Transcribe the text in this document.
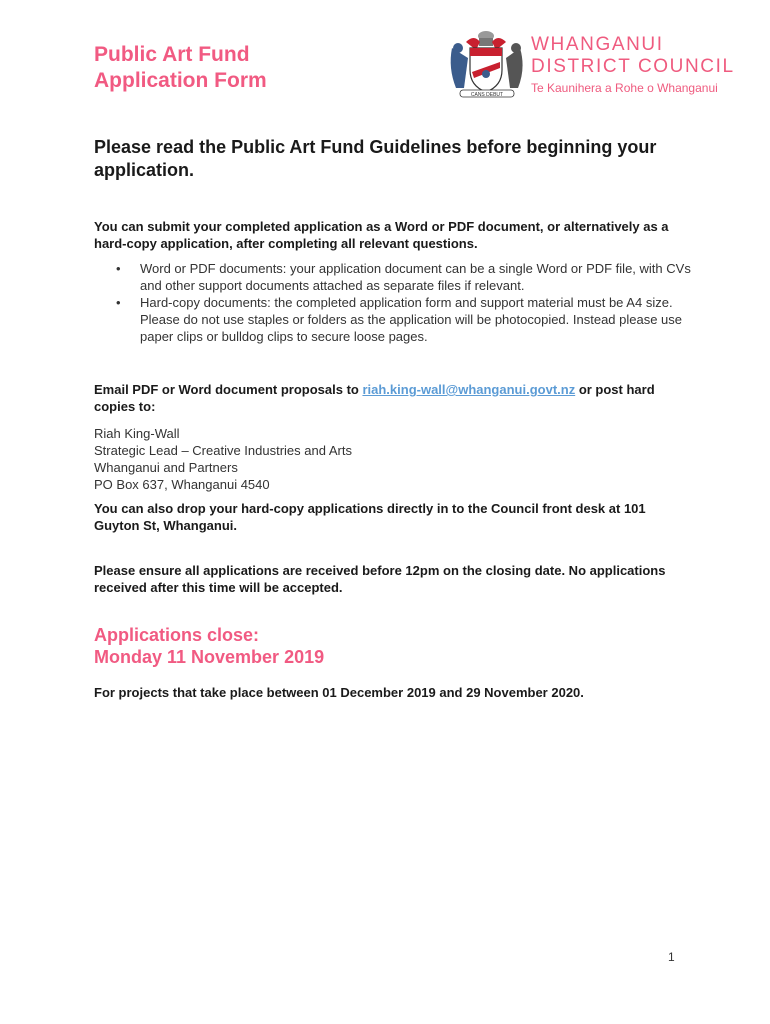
Public Art Fund
Application Form
CANS DEBUT
WHANGANUI
DISTRICT COUNCIL
Te Kaunihera a Rohe o Whanganui
Please read the Public Art Fund Guidelines before beginning your application.
You can submit your completed application as a Word or PDF document, or alternatively as a hard-copy application, after completing all relevant questions.
• Word or PDF documents: your application document can be a single Word or PDF file, with CVs and other support documents attached as separate files if relevant.
• Hard-copy documents: the completed application form and support material must be A4 size. Please do not use staples or folders as the application will be photocopied. Instead please use paper clips or bulldog clips to secure loose pages.
Email PDF or Word document proposals to riah.king-wall@whanganui.govt.nz or post hard copies to:
Riah King-Wall
Strategic Lead – Creative Industries and Arts
Whanganui and Partners
PO Box 637, Whanganui 4540
You can also drop your hard-copy applications directly in to the Council front desk at 101 Guyton St, Whanganui.
Please ensure all applications are received before 12pm on the closing date. No applications received after this time will be accepted.
Applications close:
Monday 11 November 2019
For projects that take place between 01 December 2019 and 29 November 2020.
1
